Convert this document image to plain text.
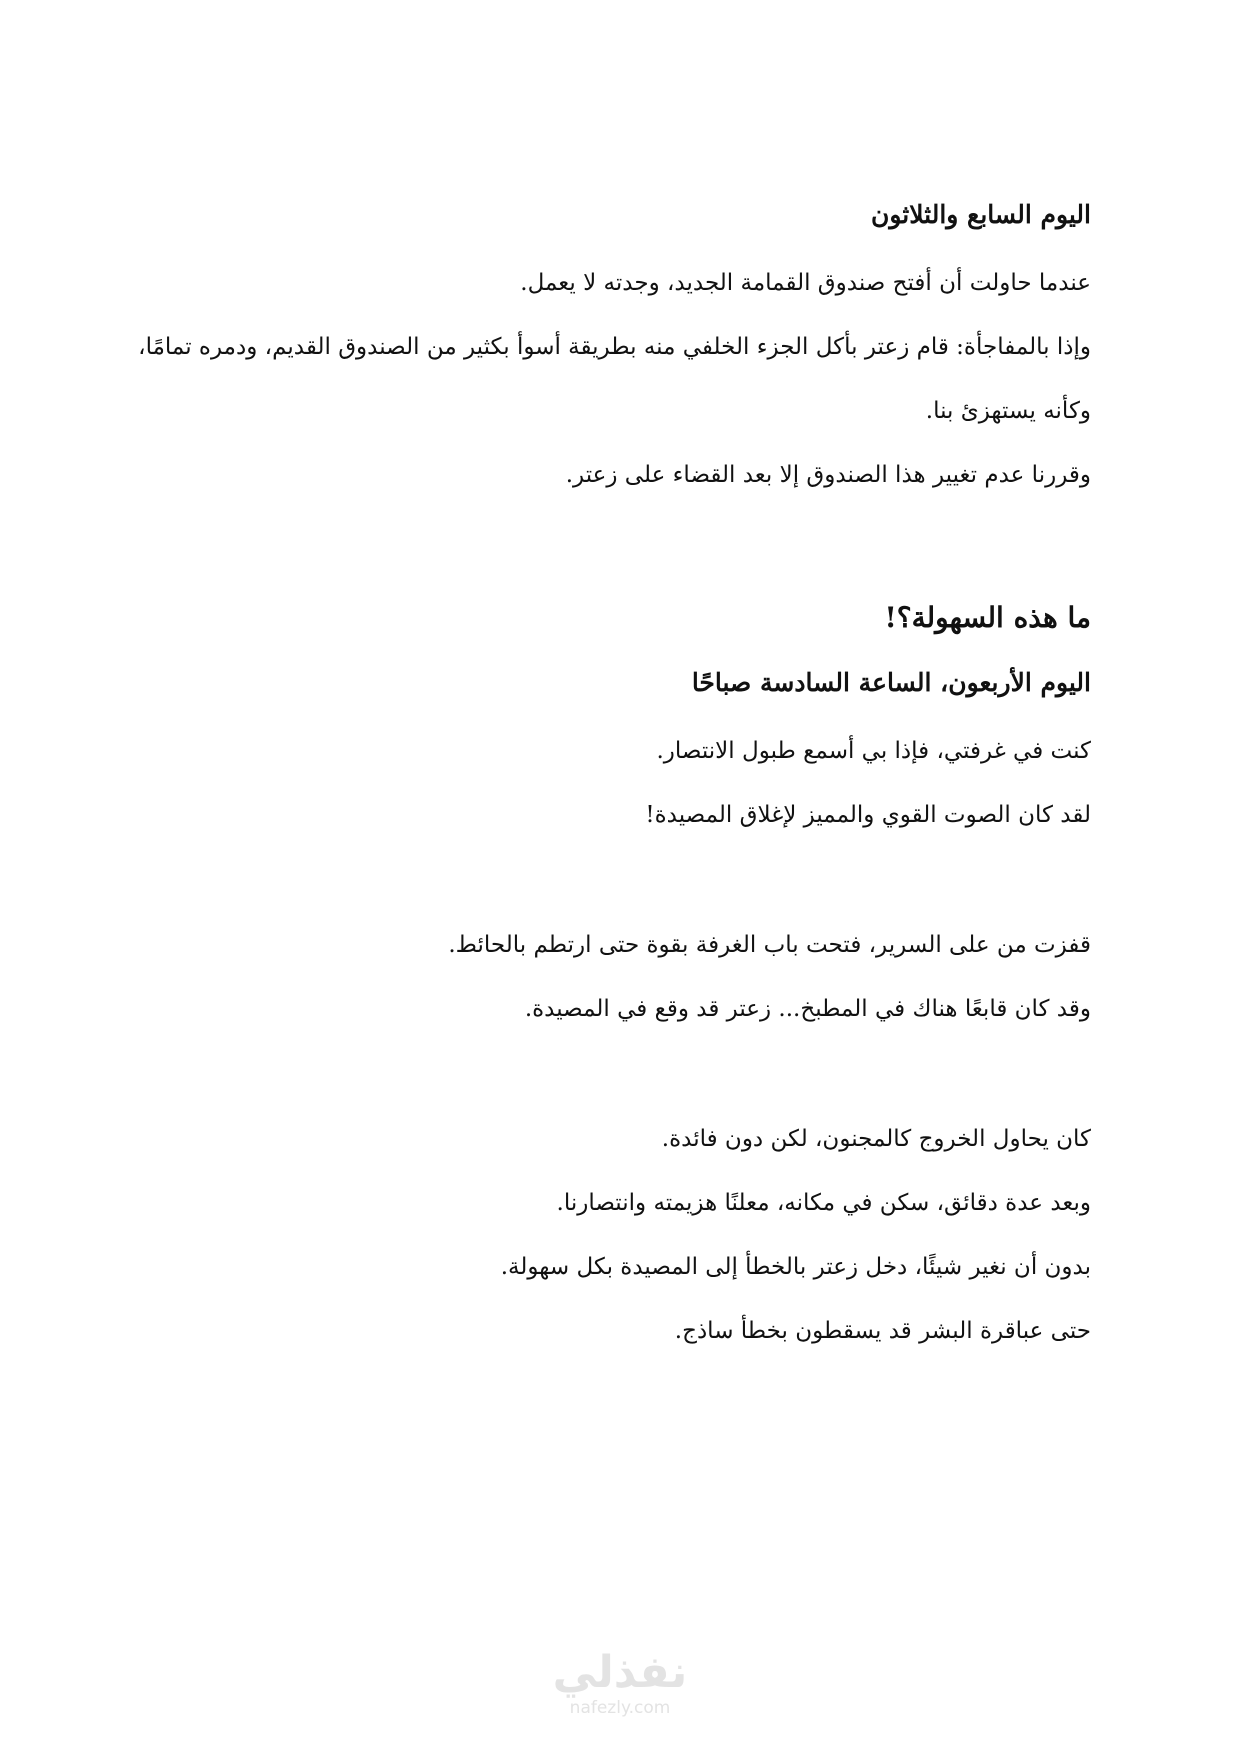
اليوم السابع والثلاثون
عندما حاولت أن أفتح صندوق القمامة الجديد، وجدته لا يعمل.
وإذا بالمفاجأة: قام زعتر بأكل الجزء الخلفي منه بطريقة أسوأ بكثير من الصندوق القديم، ودمره تمامًا،
وكأنه يستهزئ بنا.
وقررنا عدم تغيير هذا الصندوق إلا بعد القضاء على زعتر.
ما هذه السهولة؟!
اليوم الأربعون، الساعة السادسة صباحًا
كنت في غرفتي، فإذا بي أسمع طبول الانتصار.
لقد كان الصوت القوي والمميز لإغلاق المصيدة!
قفزت من على السرير، فتحت باب الغرفة بقوة حتى ارتطم بالحائط.
وقد كان قابعًا هناك في المطبخ... زعتر قد وقع في المصيدة.
كان يحاول الخروج كالمجنون، لكن دون فائدة.
وبعد عدة دقائق، سكن في مكانه، معلنًا هزيمته وانتصارنا.
بدون أن نغير شيئًا، دخل زعتر بالخطأ إلى المصيدة بكل سهولة.
حتى عباقرة البشر قد يسقطون بخطأ ساذج.
نفذلي
nafezly.com
